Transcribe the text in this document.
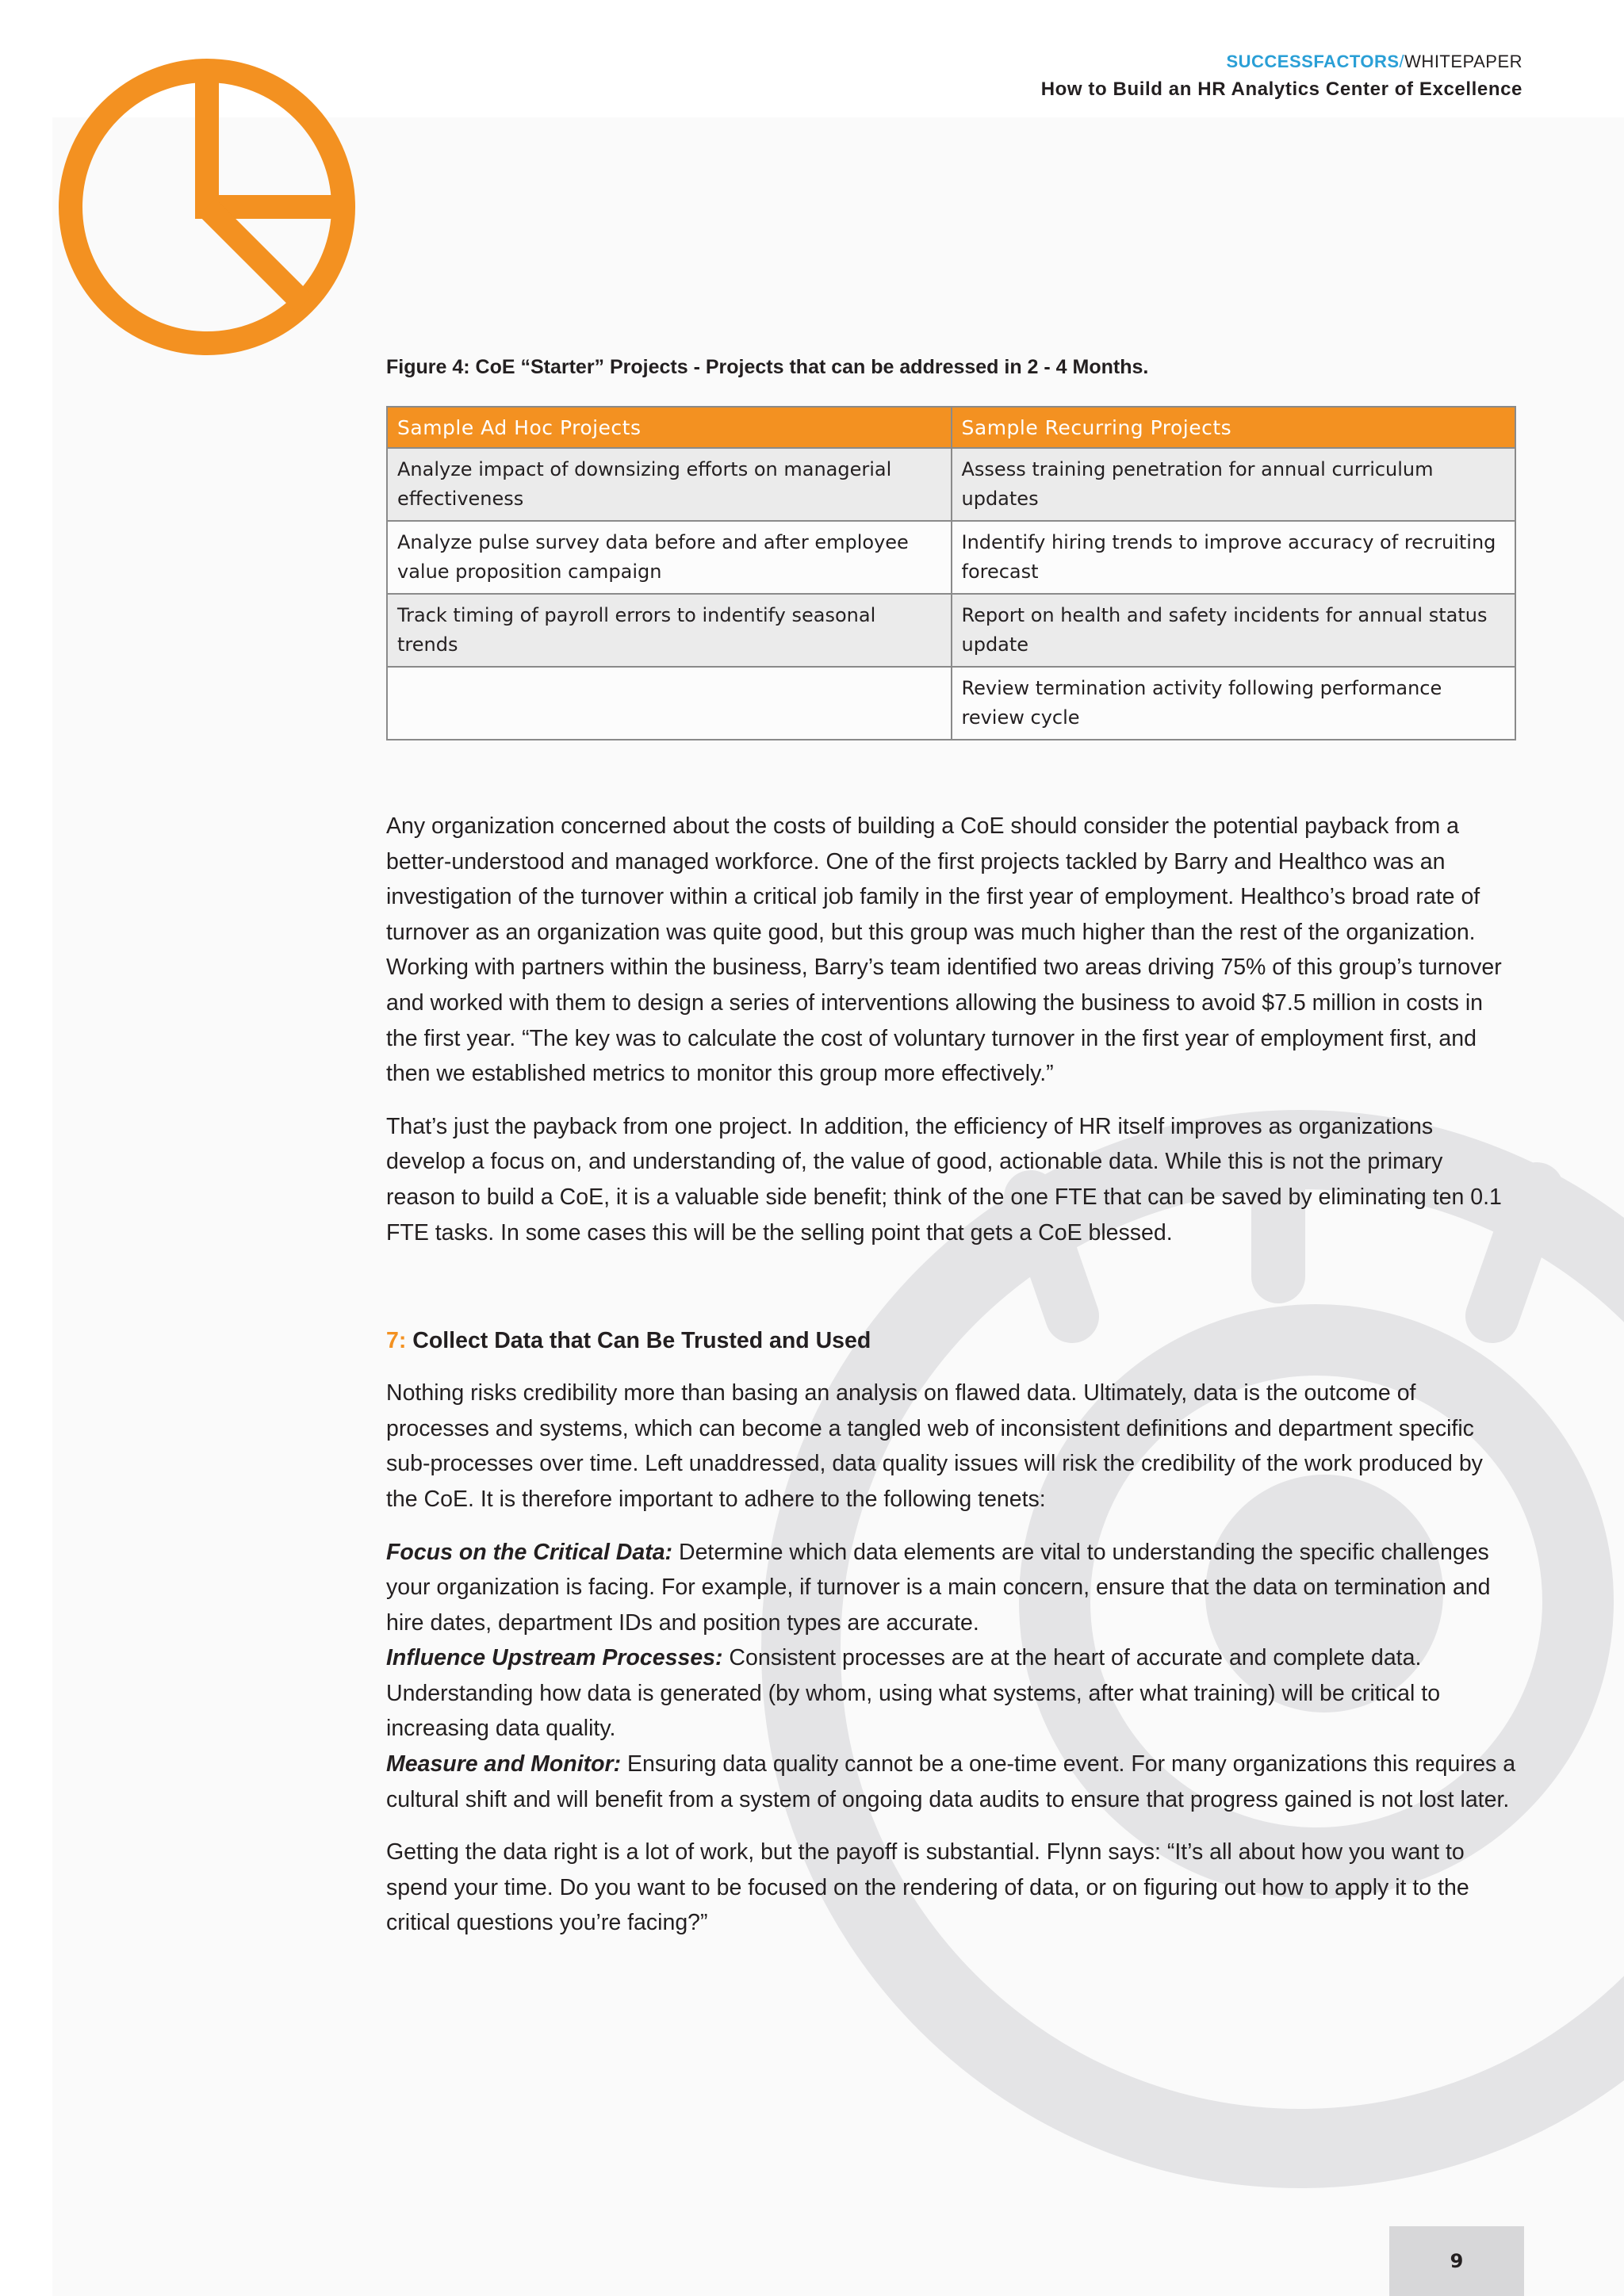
SUCCESSFACTORS/WHITEPAPER
How to Build an HR Analytics Center of Excellence

Figure 4: CoE “Starter” Projects - Projects that can be addressed in 2 - 4 Months.

Sample Ad Hoc Projects	Sample Recurring Projects
Analyze impact of downsizing efforts on managerial effectiveness	Assess training penetration for annual curriculum updates
Analyze pulse survey data before and after employee value proposition campaign	Indentify hiring trends to improve accuracy of recruiting forecast
Track timing of payroll errors to indentify seasonal trends	Report on health and safety incidents for annual status update
	Review termination activity following performance review cycle

Any organization concerned about the costs of building a CoE should consider the potential payback from a better-understood and managed workforce. One of the first projects tackled by Barry and Healthco was an investigation of the turnover within a critical job family in the first year of employment. Healthco’s broad rate of turnover as an organization was quite good, but this group was much higher than the rest of the organization. Working with partners within the business, Barry’s team identified two areas driving 75% of this group’s turnover and worked with them to design a series of interventions allowing the business to avoid $7.5 million in costs in the first year. “The key was to calculate the cost of voluntary turnover in the first year of employment first, and then we established metrics to monitor this group more effectively.”

That’s just the payback from one project. In addition, the efficiency of HR itself improves as organizations develop a focus on, and understanding of, the value of good, actionable data. While this is not the primary reason to build a CoE, it is a valuable side benefit; think of the one FTE that can be saved by eliminating ten 0.1 FTE tasks. In some cases this will be the selling point that gets a CoE blessed.

7: Collect Data that Can Be Trusted and Used

Nothing risks credibility more than basing an analysis on flawed data. Ultimately, data is the outcome of processes and systems, which can become a tangled web of inconsistent definitions and department specific sub-processes over time. Left unaddressed, data quality issues will risk the credibility of the work produced by the CoE. It is therefore important to adhere to the following tenets:

Focus on the Critical Data: Determine which data elements are vital to understanding the specific challenges your organization is facing. For example, if turnover is a main concern, ensure that the data on termination and hire dates, department IDs and position types are accurate.
Influence Upstream Processes: Consistent processes are at the heart of accurate and complete data. Understanding how data is generated (by whom, using what systems, after what training) will be critical to increasing data quality.
Measure and Monitor: Ensuring data quality cannot be a one-time event. For many organizations this requires a cultural shift and will benefit from a system of ongoing data audits to ensure that progress gained is not lost later.

Getting the data right is a lot of work, but the payoff is substantial. Flynn says: “It’s all about how you want to spend your time. Do you want to be focused on the rendering of data, or on figuring out how to apply it to the critical questions you’re facing?”

9
